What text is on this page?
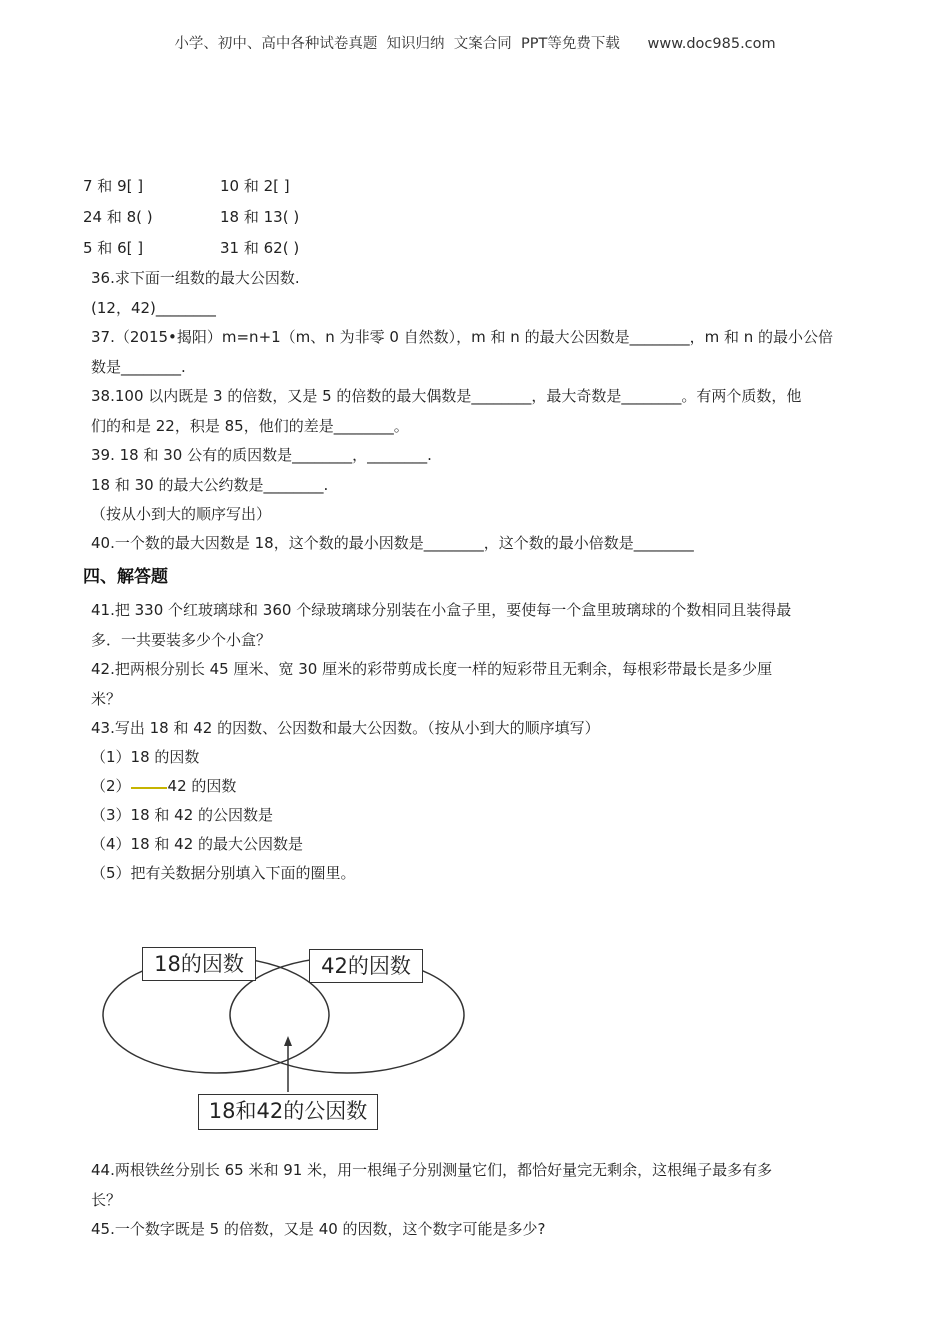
小学、初中、高中各种试卷真题  知识归纳  文案合同  PPT等免费下载      www.doc985.com
7 和 9[ ]	10 和 2[ ]
24 和 8( )	18 和 13( )
5 和 6[ ]	31 和 62( )
36.求下面一组数的最大公因数.
(12，42)________
37.（2015•揭阳）m=n+1（m、n 为非零 0 自然数），m 和 n 的最大公因数是________，m 和 n 的最小公倍
数是________.
38.100 以内既是 3 的倍数，又是 5 的倍数的最大偶数是________，最大奇数是________。有两个质数，他
们的和是 22，积是 85，他们的差是________。
39. 18 和 30 公有的质因数是________，________.
18 和 30 的最大公约数是________.
（按从小到大的顺序写出）
40.一个数的最大因数是 18，这个数的最小因数是________，这个数的最小倍数是________
四、解答题
41.把 330 个红玻璃球和 360 个绿玻璃球分别装在小盒子里，要使每一个盒里玻璃球的个数相同且装得最
多．一共要装多少个小盒？
42.把两根分别长 45 厘米、宽 30 厘米的彩带剪成长度一样的短彩带且无剩余，每根彩带最长是多少厘
米？
43.写出 18 和 42 的因数、公因数和最大公因数。（按从小到大的顺序填写）
（1）18 的因数
（2） 42 的因数
（3）18 和 42 的公因数是
（4）18 和 42 的最大公因数是
（5）把有关数据分别填入下面的圈里。
18的因数	42的因数
18和42的公因数
44.两根铁丝分别长 65 米和 91 米，用一根绳子分别测量它们，都恰好量完无剩余，这根绳子最多有多
长？
45.一个数字既是 5 的倍数，又是 40 的因数，这个数字可能是多少?
